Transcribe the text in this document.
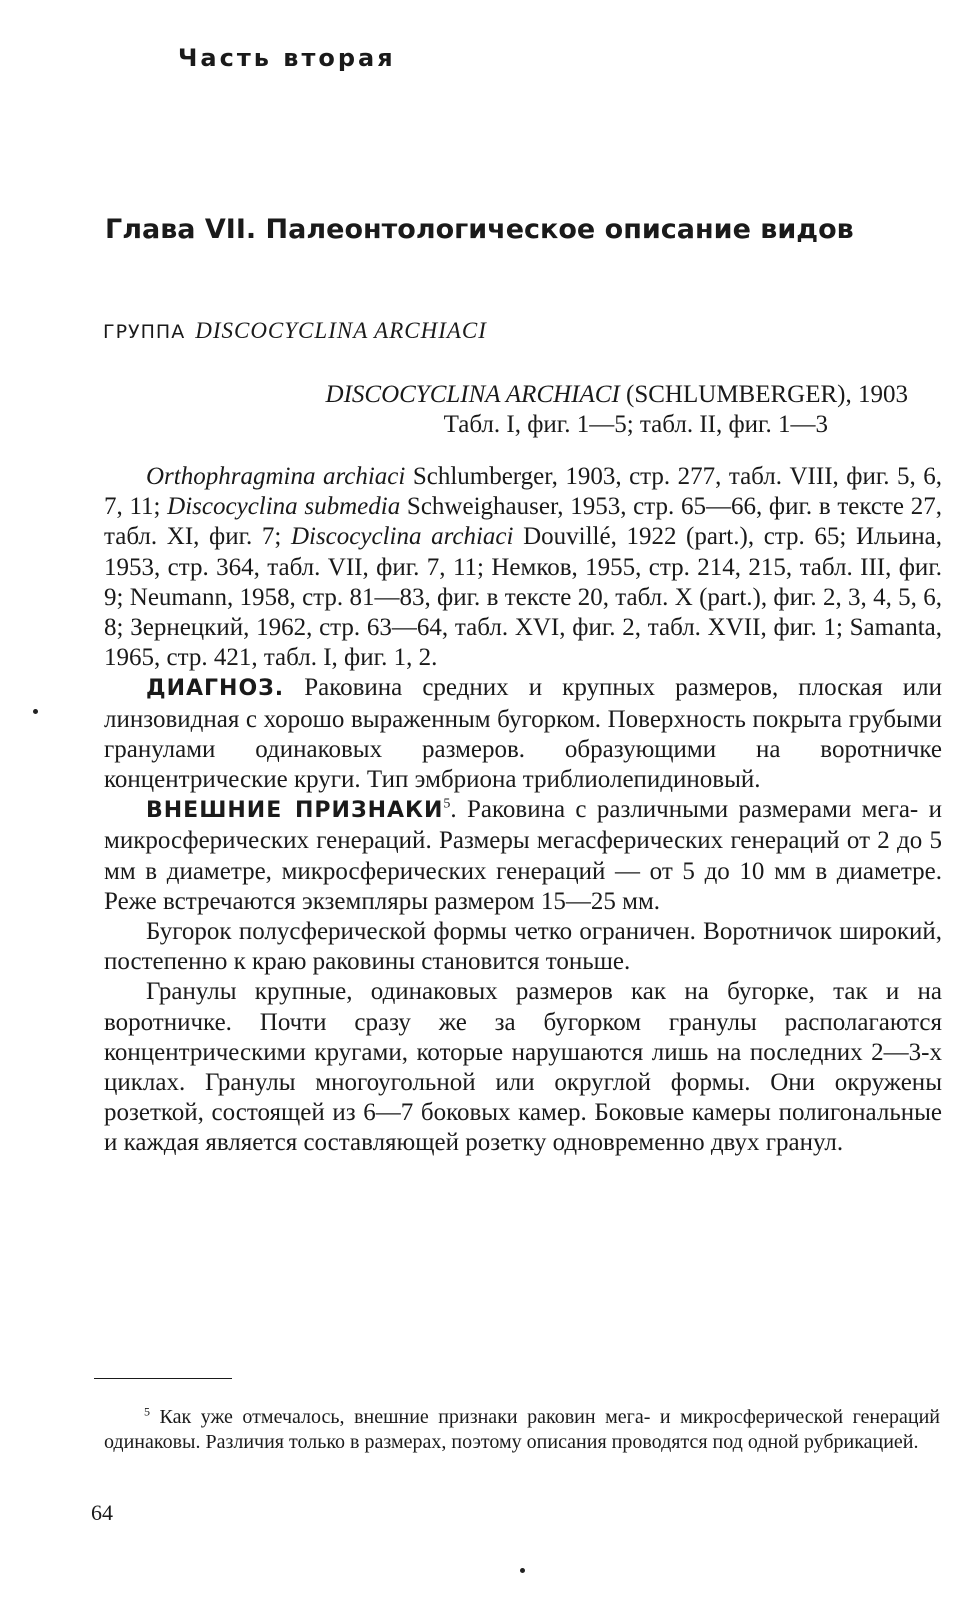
Часть вторая
Глава VII. Палеонтологическое описание видов
ГРУППА DISCOCYCLINA ARCHIACI
DISCOCYCLINA ARCHIACI (SCHLUMBERGER), 1903
Табл. I, фиг. 1—5; табл. II, фиг. 1—3

Orthophragmina archiaci Schlumberger, 1903, стр. 277, табл. VIII, фиг. 5, 6, 7, 11; Discocyclina submedia Schweighauser, 1953, стр. 65—66, фиг. в тексте 27, табл. XI, фиг. 7; Discocyclina archiaci Douvillé, 1922 (part.), стр. 65; Ильина, 1953, стр. 364, табл. VII, фиг. 7, 11; Немков, 1955, стр. 214, 215, табл. III, фиг. 9; Neumann, 1958, стр. 81—83, фиг. в тексте 20, табл. X (part.), фиг. 2, 3, 4, 5, 6, 8; Зернецкий, 1962, стр. 63—64, табл. XVI, фиг. 2, табл. XVII, фиг. 1; Samanta, 1965, стр. 421, табл. I, фиг. 1, 2.

ДИАГНОЗ. Раковина средних и крупных размеров, плоская или линзовидная с хорошо выраженным бугорком. Поверхность покрыта грубыми гранулами одинаковых размеров. образующими на воротничке концентрические круги. Тип эмбриона триблиолепидиновый.

ВНЕШНИЕ ПРИЗНАКИ$^5$. Раковина с различными размерами мега- и микросферических генераций. Размеры мегасферических генераций от 2 до 5 мм в диаметре, микросферических генераций — от 5 до 10 мм в диаметре. Реже встречаются экземпляры размером 15—25 мм.

Бугорок полусферической формы четко ограничен. Воротничок широкий, постепенно к краю раковины становится тоньше.

Гранулы крупные, одинаковых размеров как на бугорке, так и на воротничке. Почти сразу же за бугорком гранулы располагаются концентрическими кругами, которые нарушаются лишь на последних 2—3-х циклах. Гранулы многоугольной или округлой формы. Они окружены розеткой, состоящей из 6—7 боковых камер. Боковые камеры полигональные и каждая является составляющей розетку одновременно двух гранул.

$^5$ Как уже отмечалось, внешние признаки раковин мега- и микросферической генераций одинаковы. Различия только в размерах, поэтому описания проводятся под одной рубрикацией.

64
